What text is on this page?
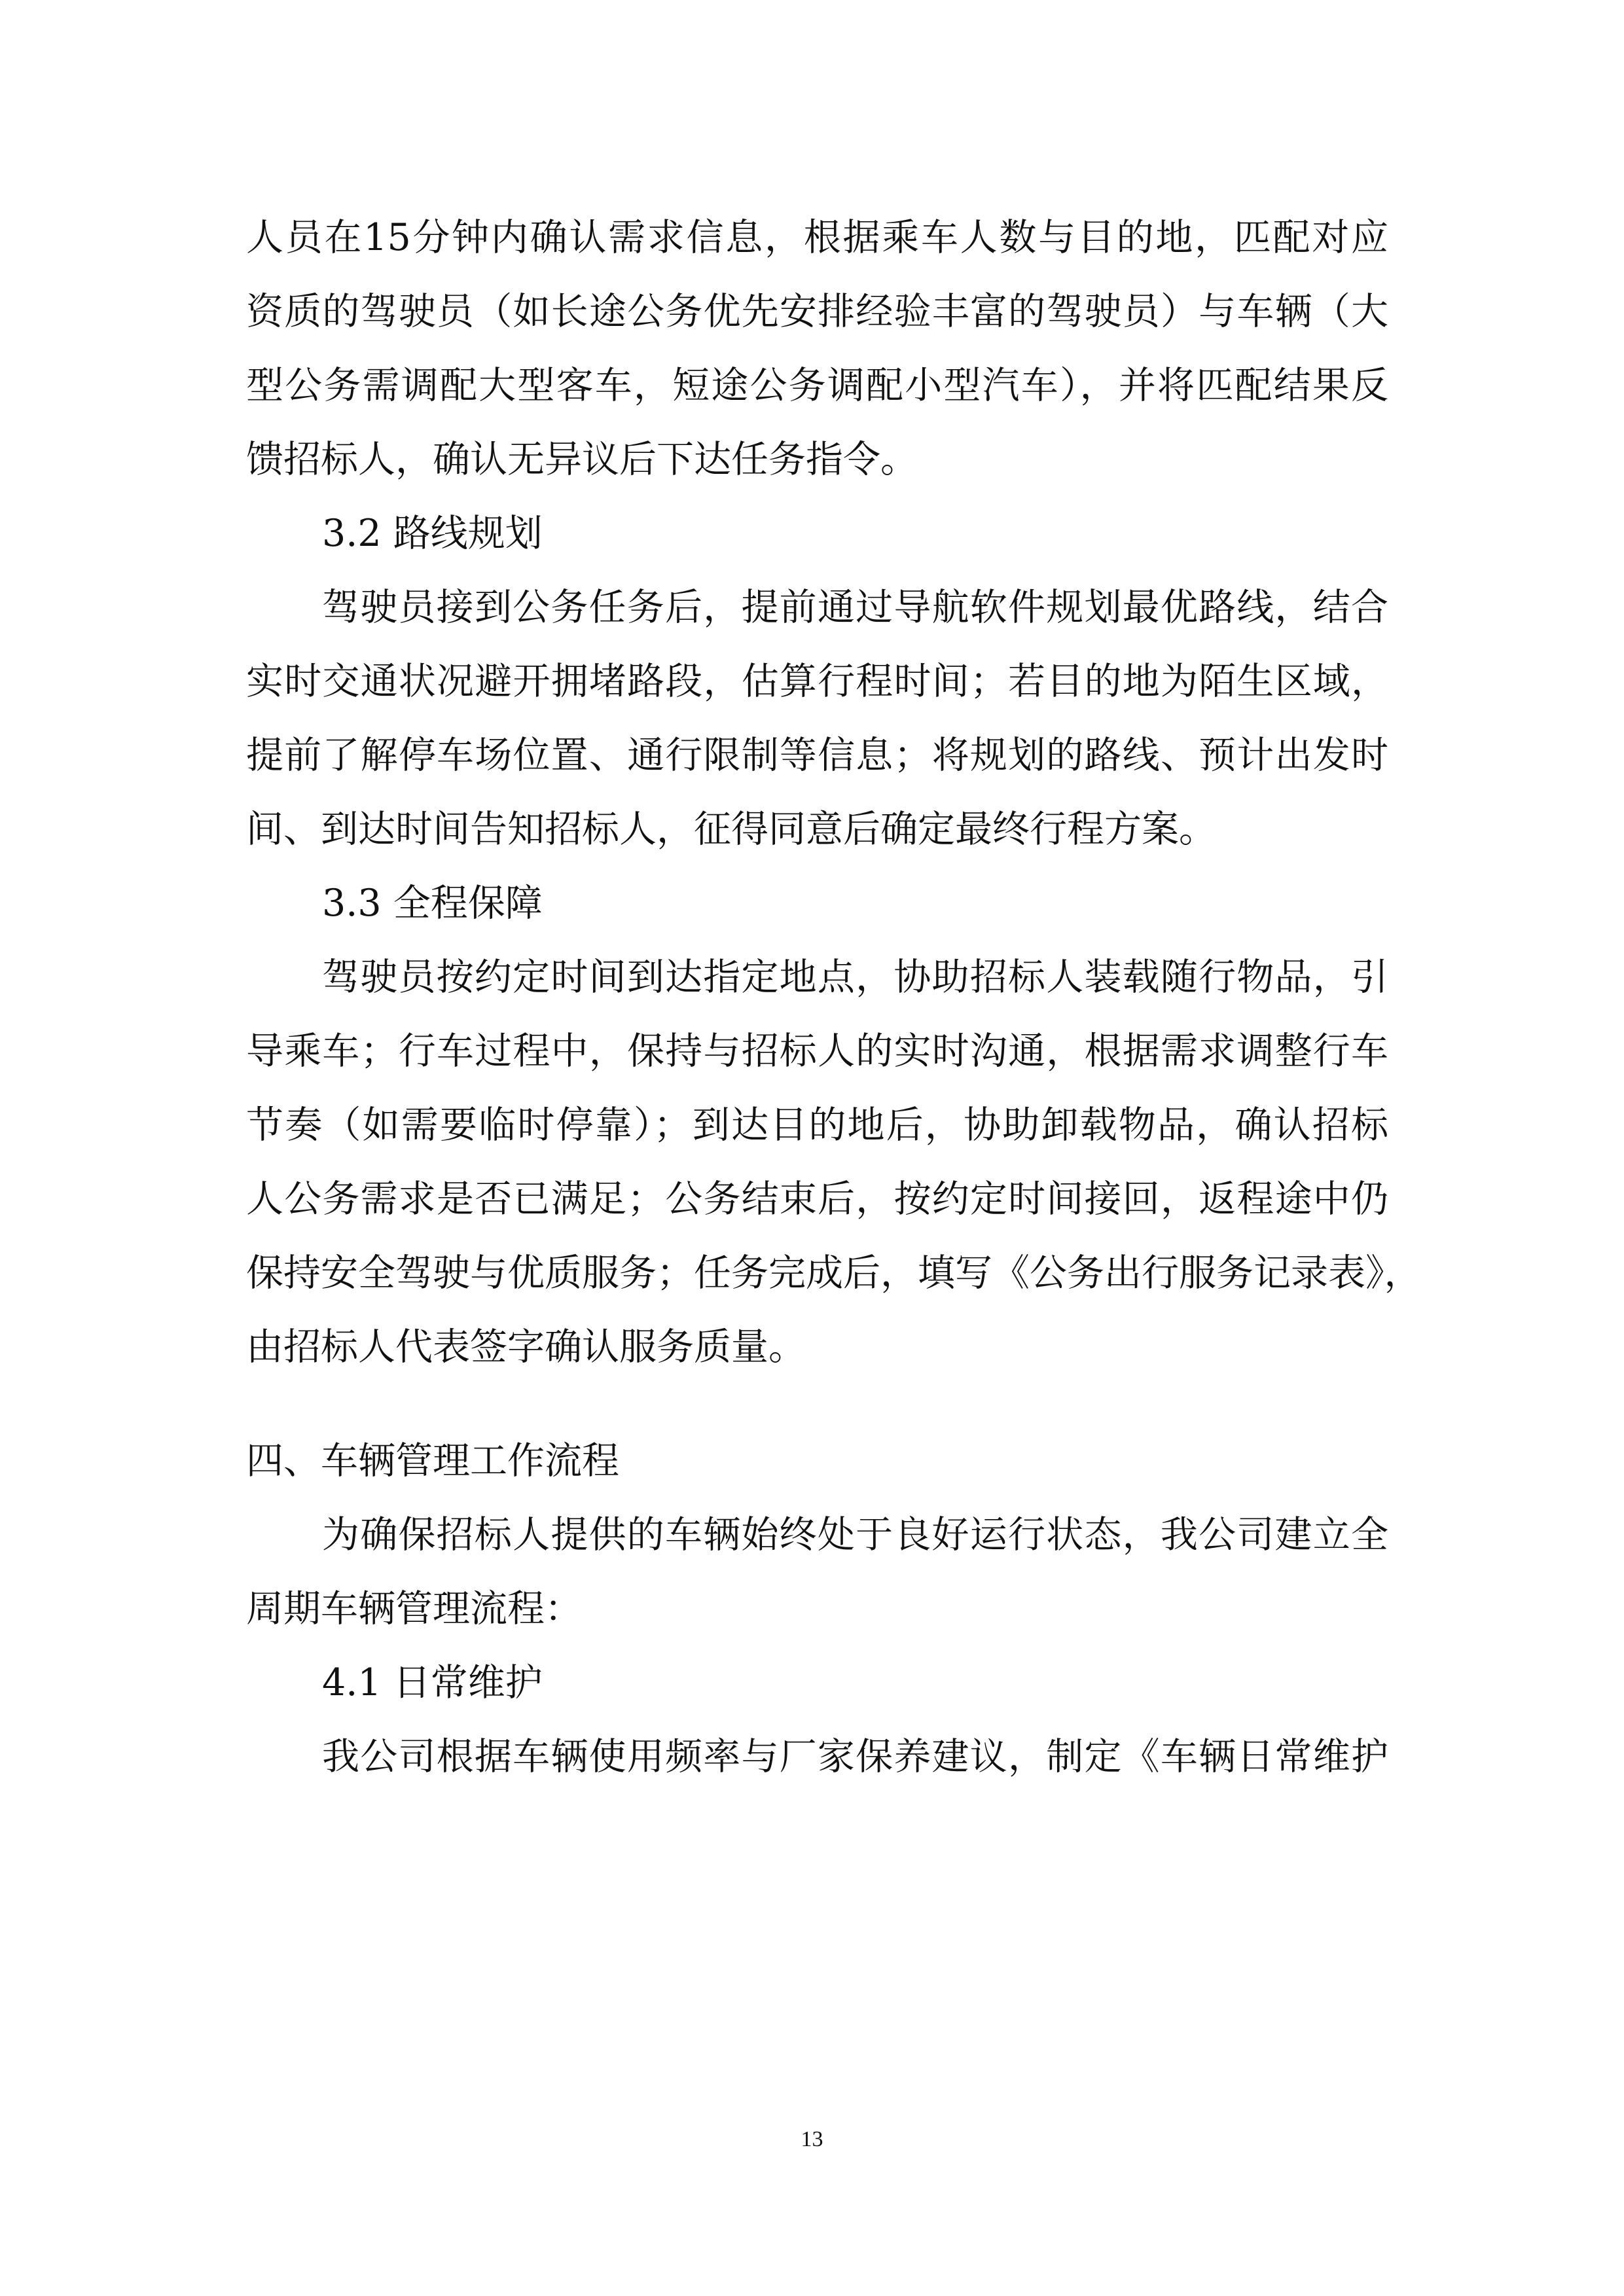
人员在15分钟内确认需求信息，根据乘车人数与目的地，匹配对应
资质的驾驶员（如长途公务优先安排经验丰富的驾驶员）与车辆（大
型公务需调配大型客车，短途公务调配小型汽车），并将匹配结果反
馈招标人，确认无异议后下达任务指令。
3.2 路线规划
驾驶员接到公务任务后，提前通过导航软件规划最优路线，结合
实时交通状况避开拥堵路段，估算行程时间；若目的地为陌生区域，
提前了解停车场位置、通行限制等信息；将规划的路线、预计出发时
间、到达时间告知招标人，征得同意后确定最终行程方案。
3.3 全程保障
驾驶员按约定时间到达指定地点，协助招标人装载随行物品，引
导乘车；行车过程中，保持与招标人的实时沟通，根据需求调整行车
节奏（如需要临时停靠）；到达目的地后，协助卸载物品，确认招标
人公务需求是否已满足；公务结束后，按约定时间接回，返程途中仍
保持安全驾驶与优质服务；任务完成后，填写《公务出行服务记录表》，
由招标人代表签字确认服务质量。
四、车辆管理工作流程
为确保招标人提供的车辆始终处于良好运行状态，我公司建立全
周期车辆管理流程：
4.1 日常维护
我公司根据车辆使用频率与厂家保养建议，制定《车辆日常维护
13
